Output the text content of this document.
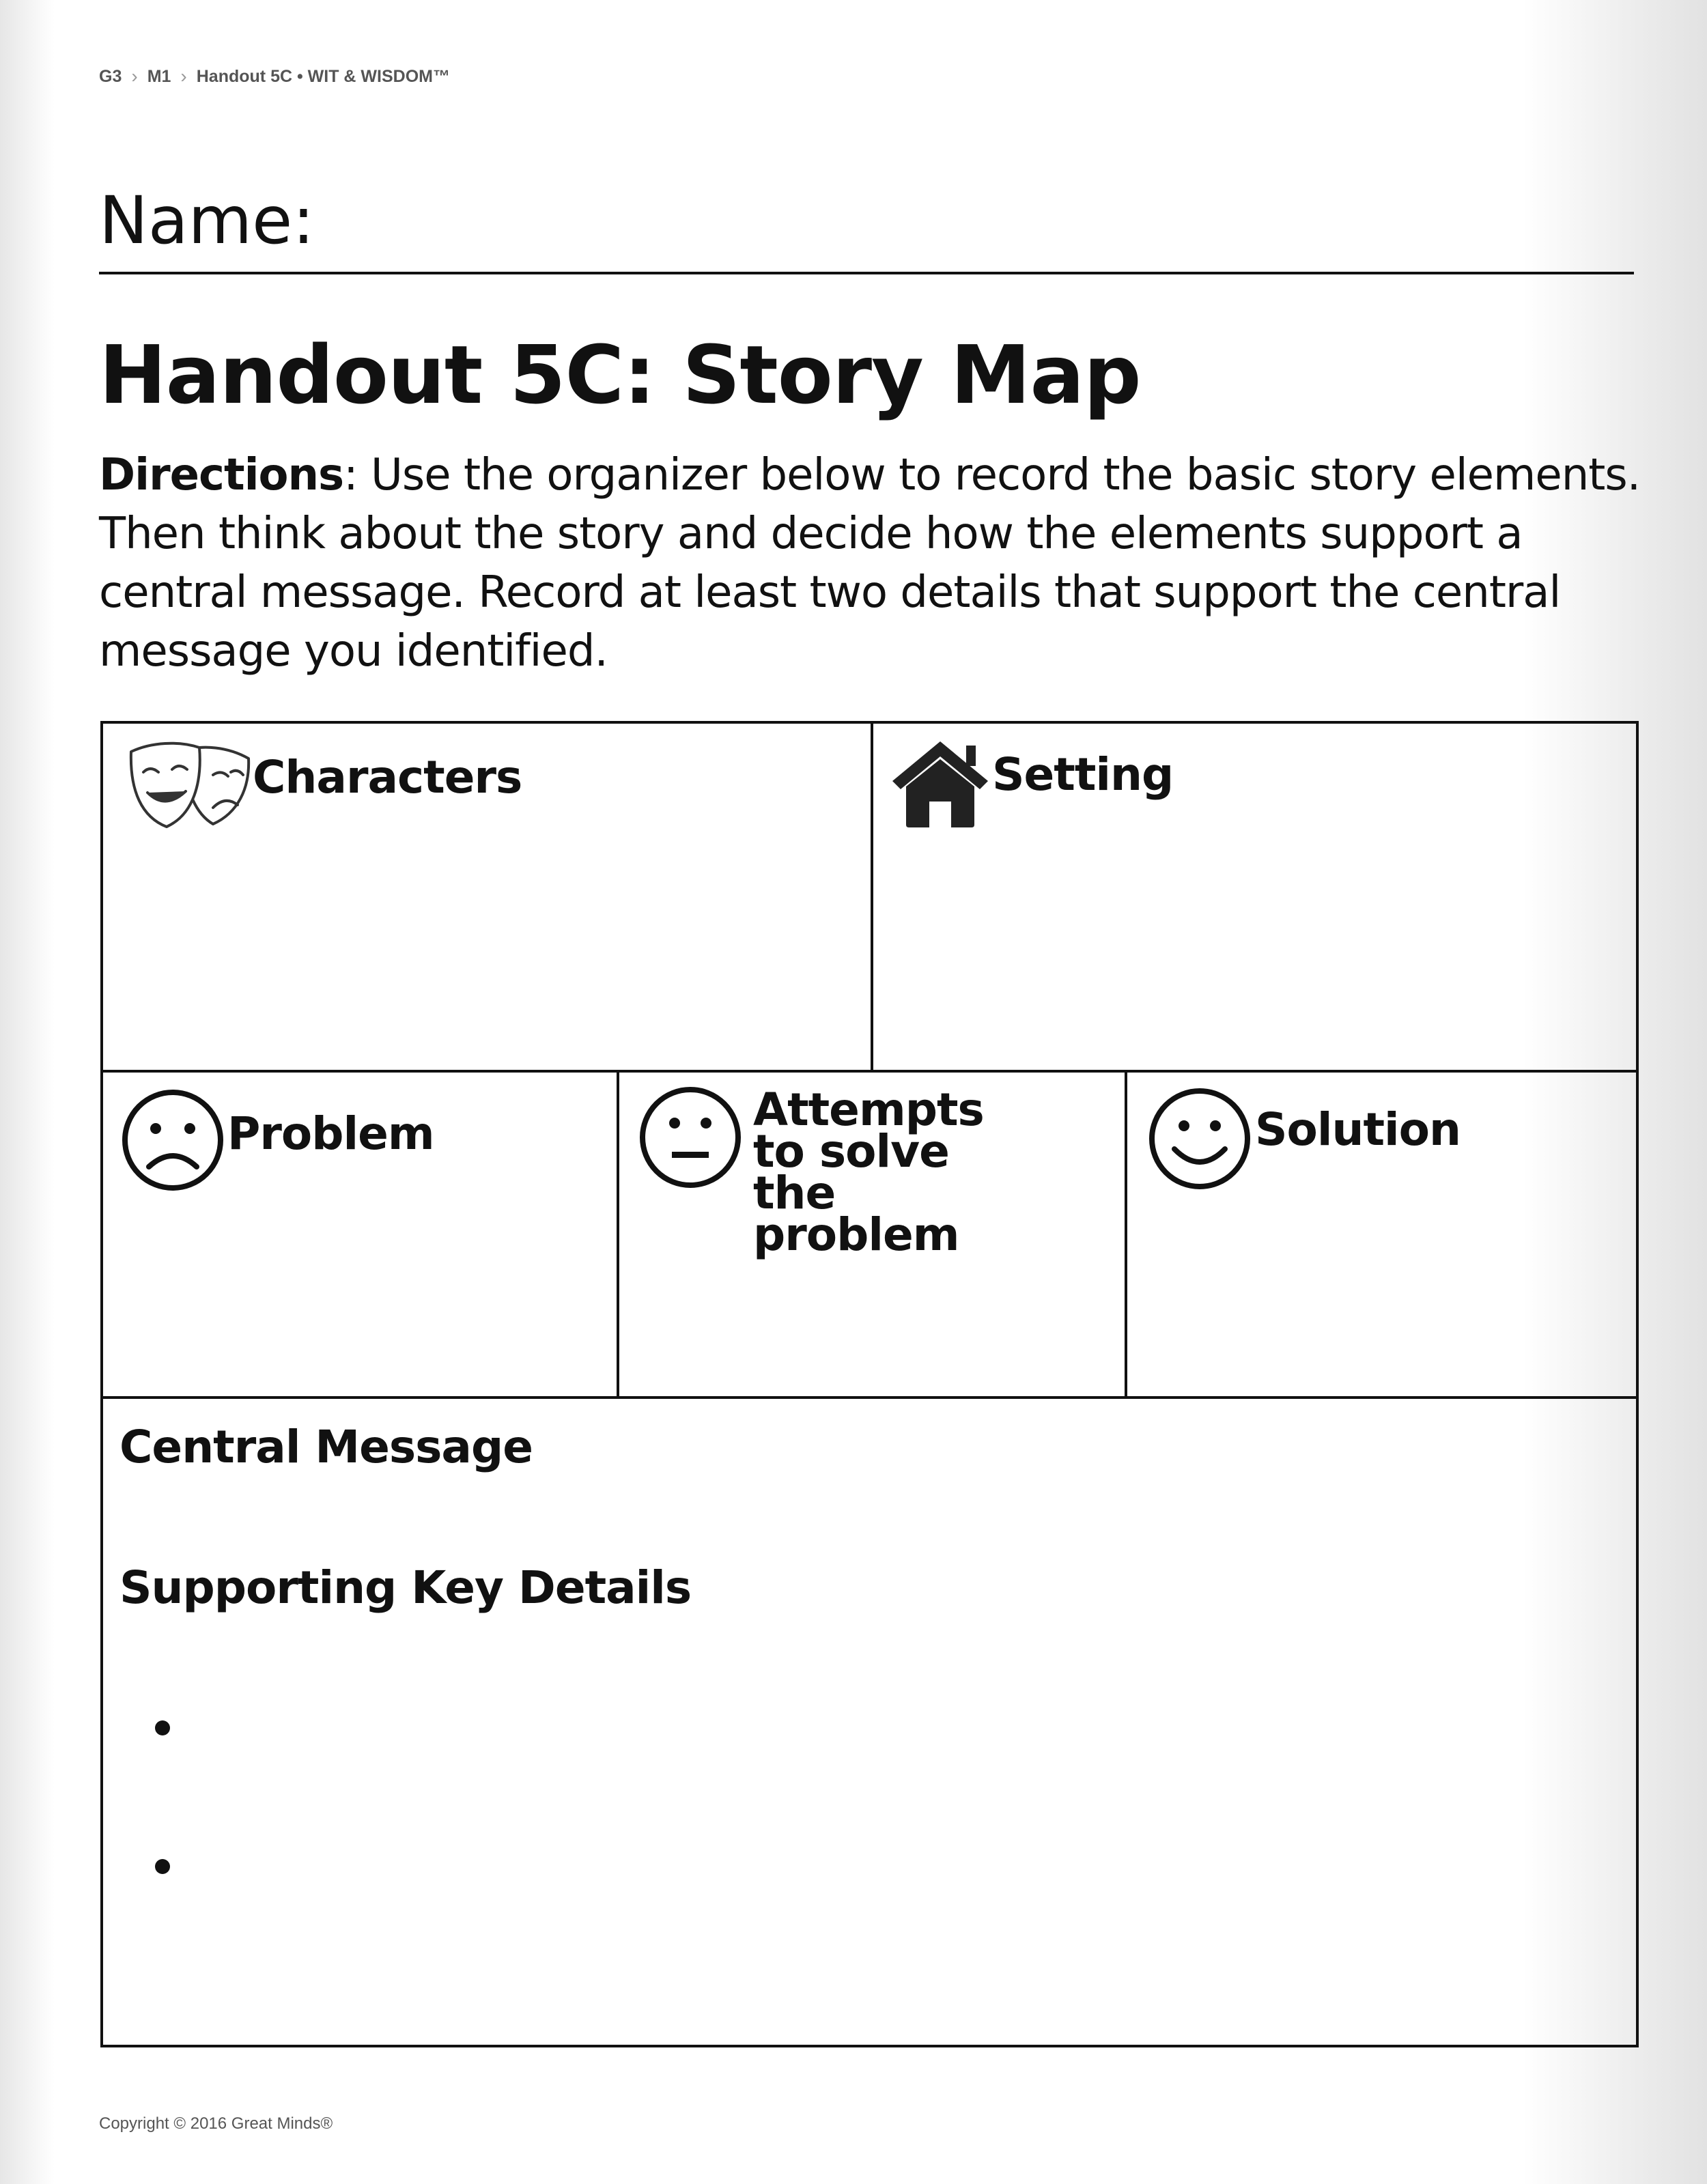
G3 › M1 › Handout 5C • WIT & WISDOM™
Name:
Handout 5C: Story Map
Directions: Use the organizer below to record the basic story elements. Then think about the story and decide how the elements support a central message. Record at least two details that support the central message you identified.
Characters	Setting
Problem	Attempts to solve the problem
Solution
Central Message
Supporting Key Details
Copyright © 2016 Great Minds®
